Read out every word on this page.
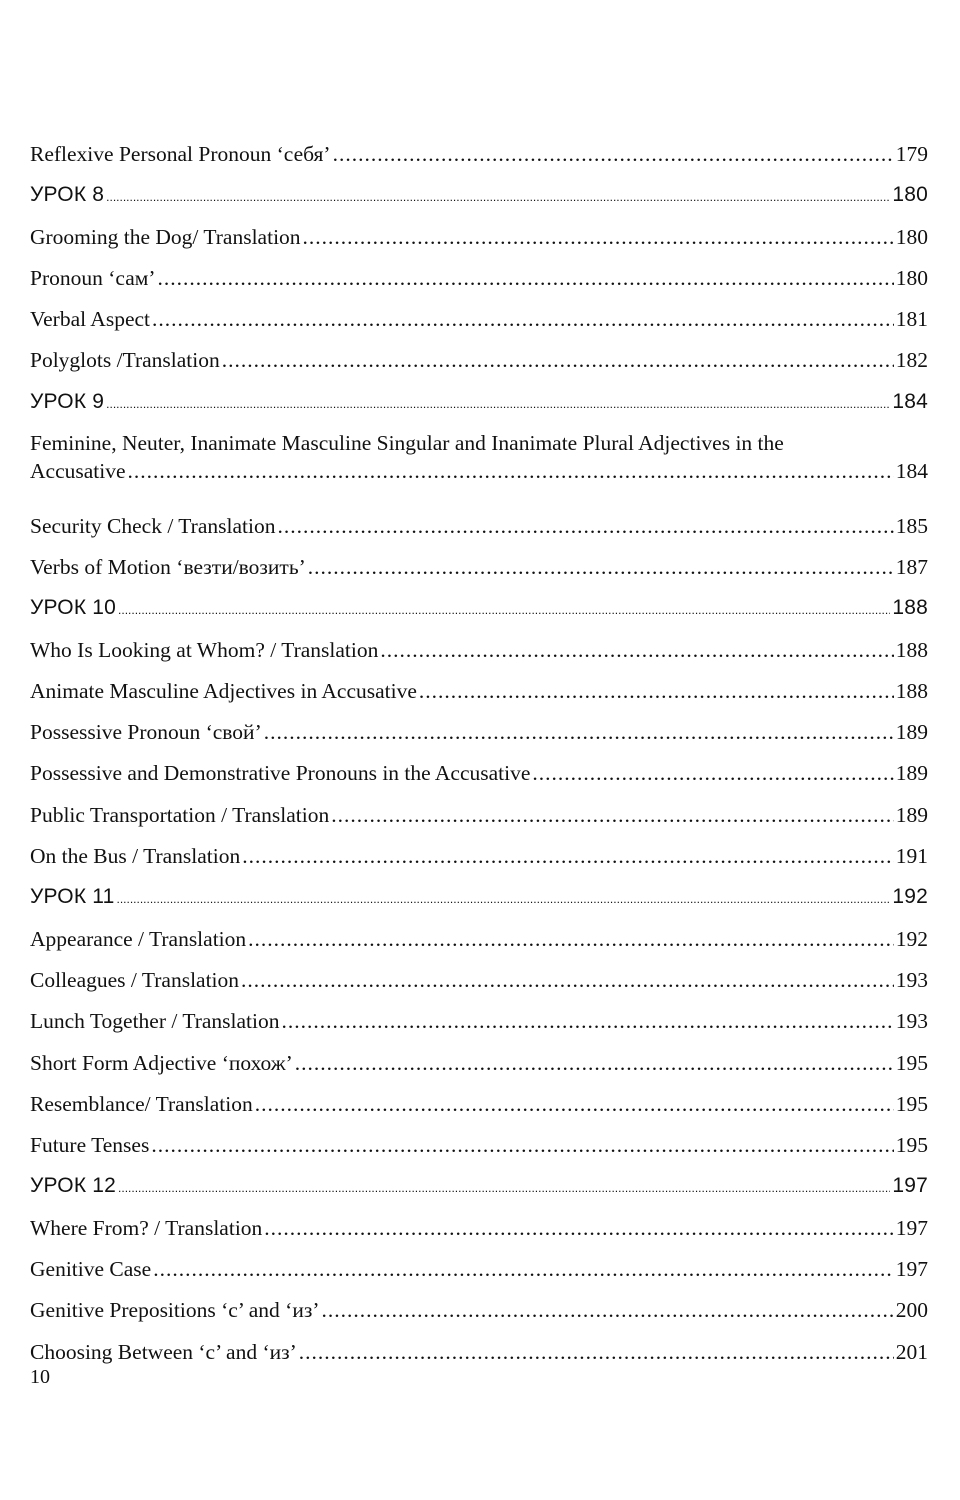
Reflexive Personal Pronoun ‘себя’ .....	179
УРОК 8 .....	180
Grooming the Dog/ Translation .....	180
Pronoun ‘сам’ .....	180
Verbal Aspect .....	181
Polyglots /Translation .....	182
УРОК 9 .....	184
Feminine, Neuter, Inanimate Masculine Singular and Inanimate Plural Adjectives in the
Accusative .....	184
Security Check / Translation .....	185
Verbs of Motion ‘везти/возить’ .....	187
УРОК 10 .....	188
Who Is Looking at Whom? / Translation .....	188
Animate Masculine Adjectives in Accusative .....	188
Possessive Pronoun ‘свой’ .....	189
Possessive and Demonstrative Pronouns in the Accusative .....	189
Public Transportation / Translation .....	189
On the Bus / Translation .....	191
УРОК 11 .....	192
Appearance / Translation .....	192
Colleagues / Translation .....	193
Lunch Together / Translation .....	193
Short Form Adjective ‘похож’ .....	195
Resemblance/ Translation .....	195
Future Tenses .....	195
УРОК 12 .....	197
Where From? / Translation .....	197
Genitive Case .....	197
Genitive Prepositions ‘с’ and ‘из’ .....	200
Choosing Between ‘с’ and ‘из’ .....	201
10
